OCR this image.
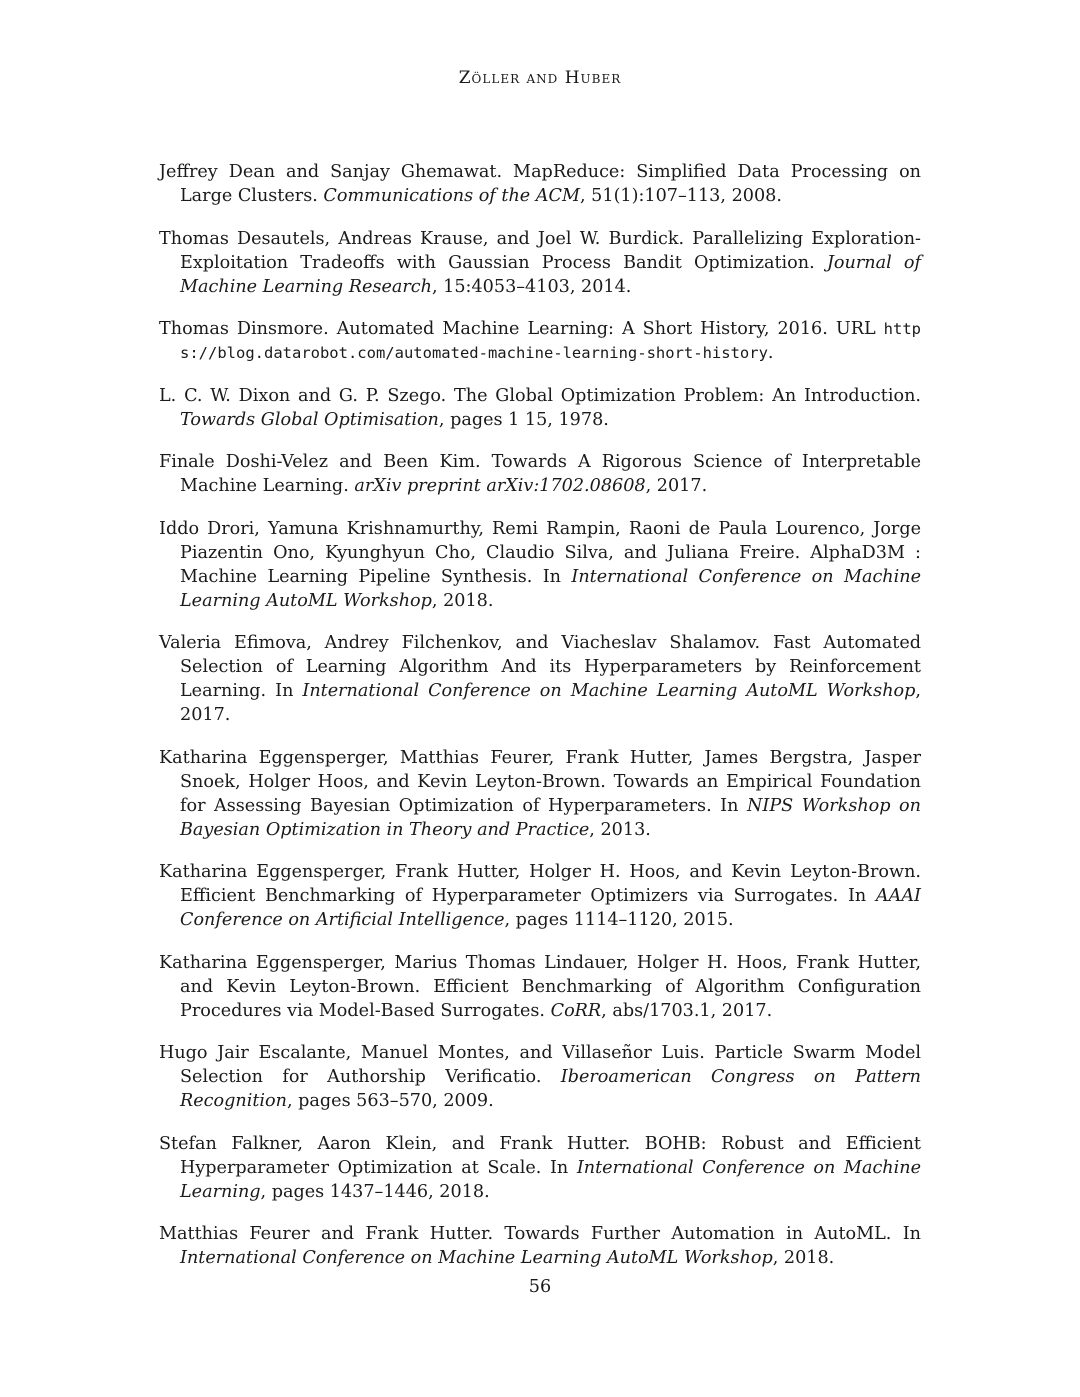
Zöller and Huber
Jeffrey Dean and Sanjay Ghemawat. MapReduce: Simplified Data Processing on Large Clusters. Communications of the ACM, 51(1):107–113, 2008.
Thomas Desautels, Andreas Krause, and Joel W. Burdick. Parallelizing Exploration-Exploitation Tradeoffs with Gaussian Process Bandit Optimization. Journal of Machine Learning Research, 15:4053–4103, 2014.
Thomas Dinsmore. Automated Machine Learning: A Short History, 2016. URL https://blog.datarobot.com/automated-machine-learning-short-history.
L. C. W. Dixon and G. P. Szego. The Global Optimization Problem: An Introduction. Towards Global Optimisation, pages 1 15, 1978.
Finale Doshi-Velez and Been Kim. Towards A Rigorous Science of Interpretable Machine Learning. arXiv preprint arXiv:1702.08608, 2017.
Iddo Drori, Yamuna Krishnamurthy, Remi Rampin, Raoni de Paula Lourenco, Jorge Piazentin Ono, Kyunghyun Cho, Claudio Silva, and Juliana Freire. AlphaD3M : Machine Learning Pipeline Synthesis. In International Conference on Machine Learning AutoML Workshop, 2018.
Valeria Efimova, Andrey Filchenkov, and Viacheslav Shalamov. Fast Automated Selection of Learning Algorithm And its Hyperparameters by Reinforcement Learning. In International Conference on Machine Learning AutoML Workshop, 2017.
Katharina Eggensperger, Matthias Feurer, Frank Hutter, James Bergstra, Jasper Snoek, Holger Hoos, and Kevin Leyton-Brown. Towards an Empirical Foundation for Assessing Bayesian Optimization of Hyperparameters. In NIPS Workshop on Bayesian Optimization in Theory and Practice, 2013.
Katharina Eggensperger, Frank Hutter, Holger H. Hoos, and Kevin Leyton-Brown. Efficient Benchmarking of Hyperparameter Optimizers via Surrogates. In AAAI Conference on Artificial Intelligence, pages 1114–1120, 2015.
Katharina Eggensperger, Marius Thomas Lindauer, Holger H. Hoos, Frank Hutter, and Kevin Leyton-Brown. Efficient Benchmarking of Algorithm Configuration Procedures via Model-Based Surrogates. CoRR, abs/1703.1, 2017.
Hugo Jair Escalante, Manuel Montes, and Villaseñor Luis. Particle Swarm Model Selection for Authorship Verificatio. Iberoamerican Congress on Pattern Recognition, pages 563–570, 2009.
Stefan Falkner, Aaron Klein, and Frank Hutter. BOHB: Robust and Efficient Hyperparameter Optimization at Scale. In International Conference on Machine Learning, pages 1437–1446, 2018.
Matthias Feurer and Frank Hutter. Towards Further Automation in AutoML. In International Conference on Machine Learning AutoML Workshop, 2018.
56
